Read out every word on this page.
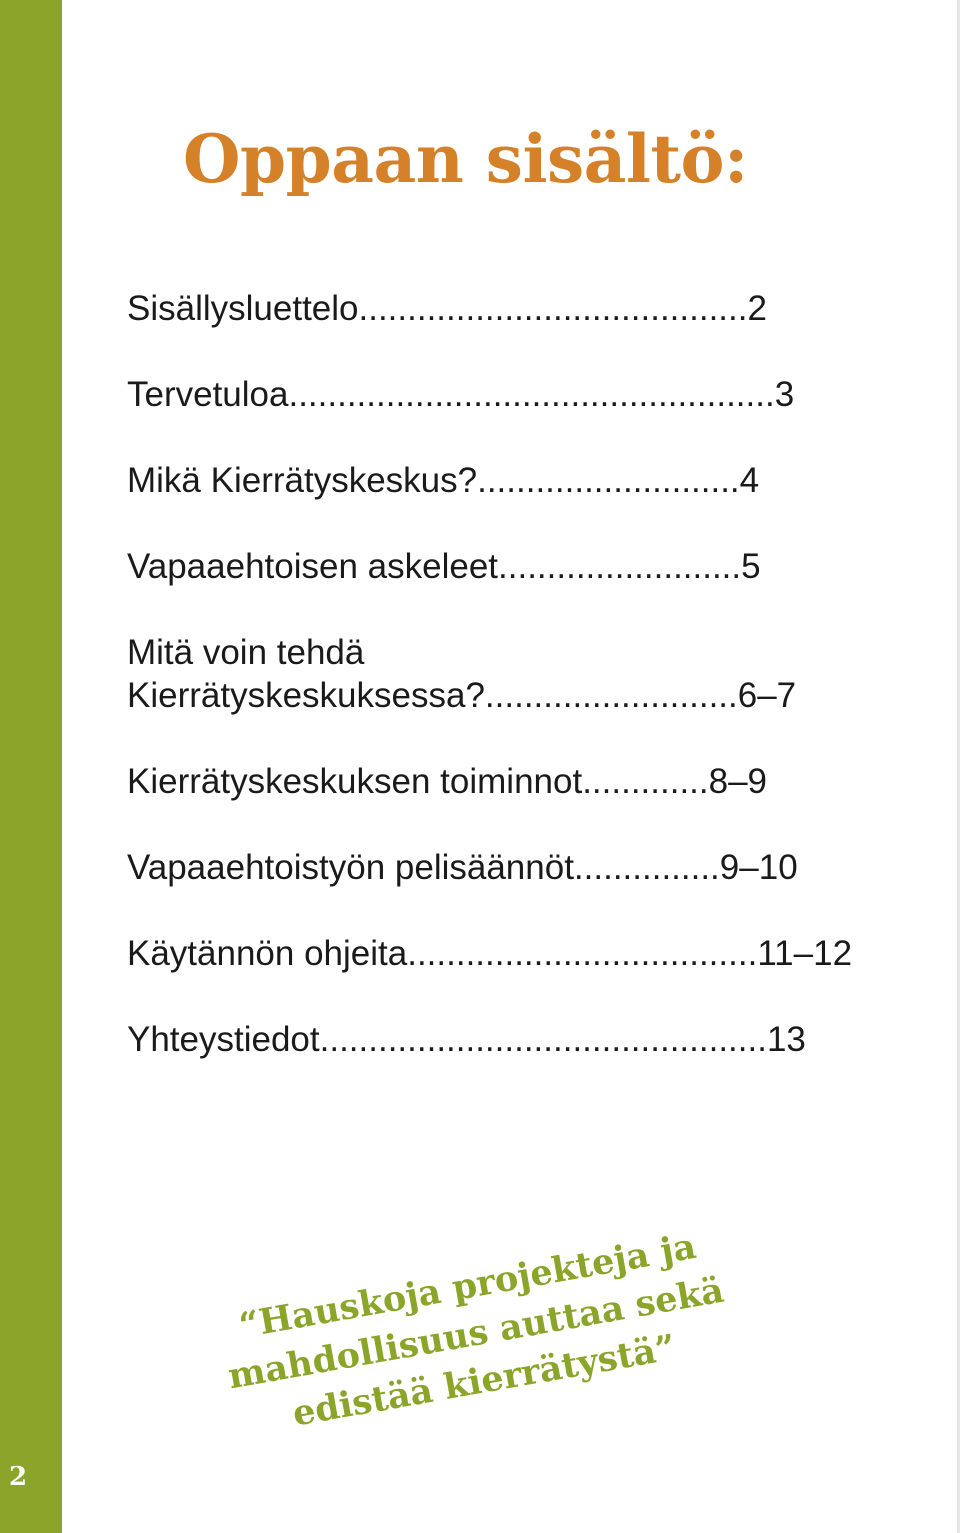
2
Oppaan sisältö:
Sisällysluettelo........................................2
Tervetuloa..................................................3
Mikä Kierrätyskeskus?...........................4
Vapaaehtoisen askeleet.........................5
Mitä voin tehdä
Kierrätyskeskuksessa?..........................6–7
Kierrätyskeskuksen toiminnot.............8–9
Vapaaehtoistyön pelisäännöt...............9–10
Käytännön ohjeita....................................11–12
Yhteystiedot..............................................13
“Hauskoja projekteja ja
mahdollisuus auttaa sekä
edistää kierrätystä”
